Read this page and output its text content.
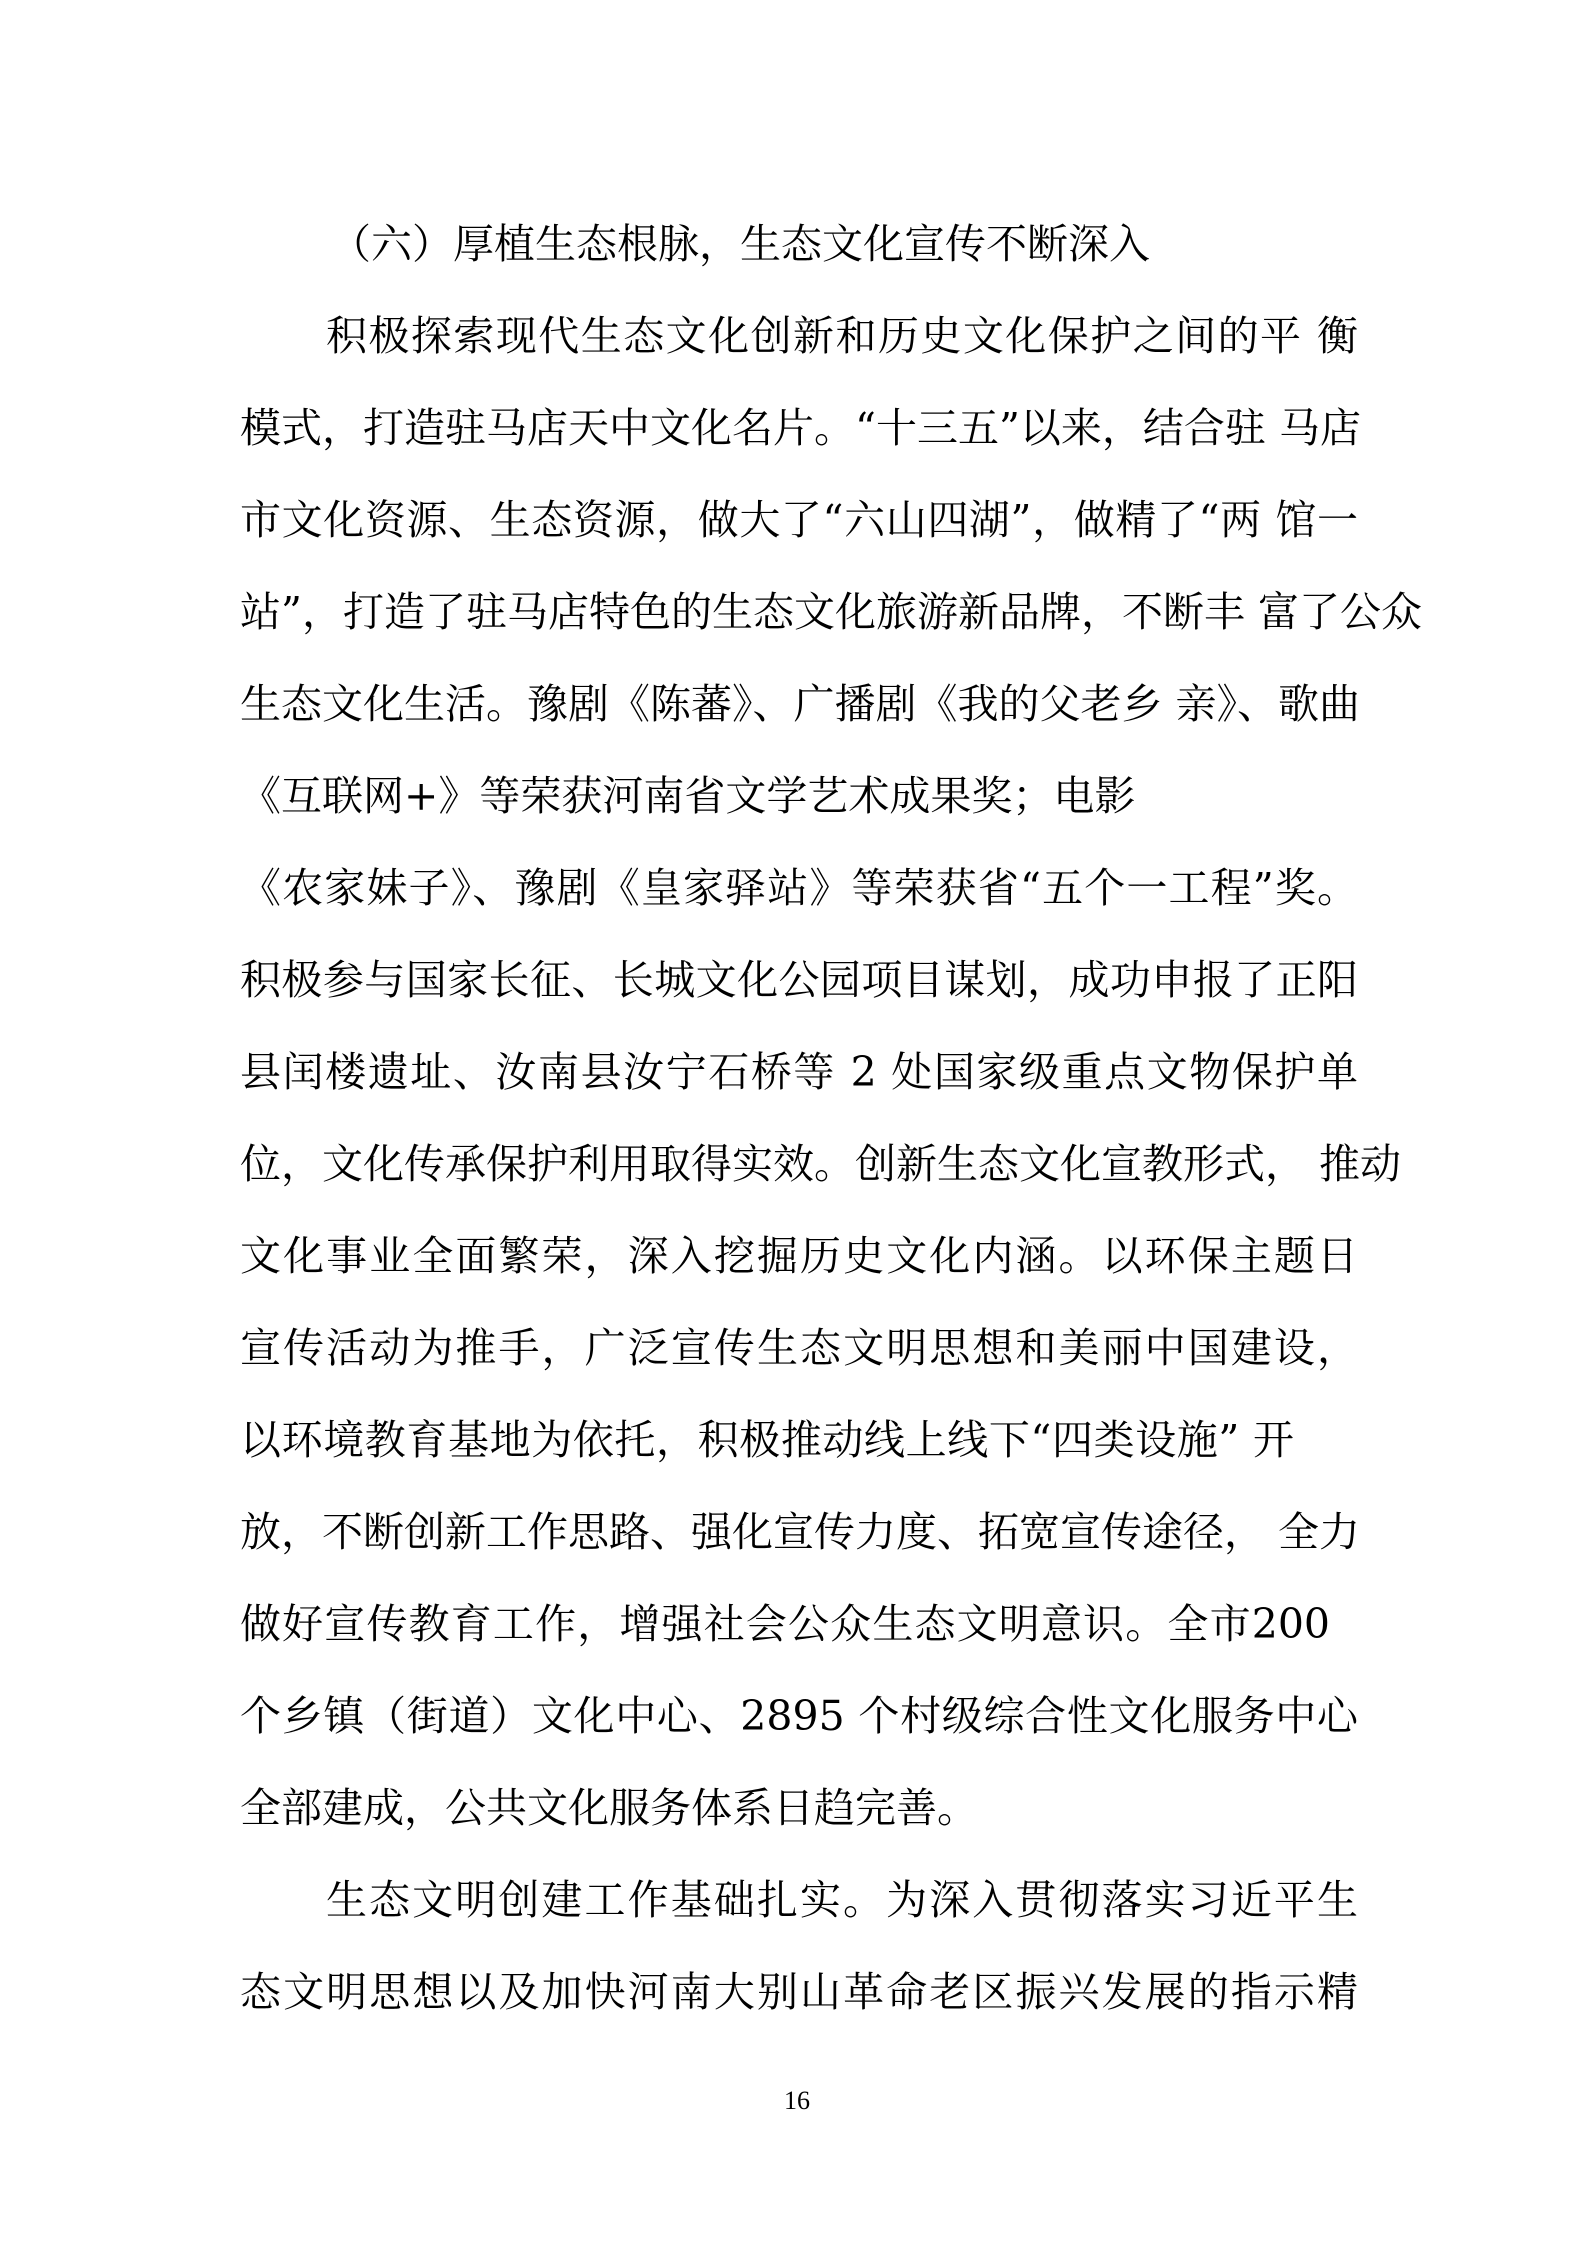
（六）厚植生态根脉，生态文化宣传不断深入
积极探索现代生态文化创新和历史文化保护之间的平 衡
模式，打造驻马店天中文化名片。“十三五”以来，结合驻 马店
市文化资源、生态资源，做大了“六山四湖”，做精了“两 馆一
站”，打造了驻马店特色的生态文化旅游新品牌，不断丰 富了公众
生态文化生活。豫剧《陈蕃》、广播剧《我的父老乡 亲》、歌曲
《互联网+》等荣获河南省文学艺术成果奖；电影
《农家妹子》、豫剧《皇家驿站》等荣获省“五个一工程”奖。
积极参与国家长征、长城文化公园项目谋划，成功申报了正阳
县闰楼遗址、汝南县汝宁石桥等 2 处国家级重点文物保护单
位，文化传承保护利用取得实效。创新生态文化宣教形式， 推动
文化事业全面繁荣，深入挖掘历史文化内涵。以环保主题日
宣传活动为推手，广泛宣传生态文明思想和美丽中国建设，
以环境教育基地为依托，积极推动线上线下“四类设施” 开
放，不断创新工作思路、强化宣传力度、拓宽宣传途径， 全力
做好宣传教育工作，增强社会公众生态文明意识。全市200
个乡镇（街道）文化中心、2895 个村级综合性文化服务中心
全部建成，公共文化服务体系日趋完善。
生态文明创建工作基础扎实。为深入贯彻落实习近平生
态文明思想以及加快河南大别山革命老区振兴发展的指示精
16
